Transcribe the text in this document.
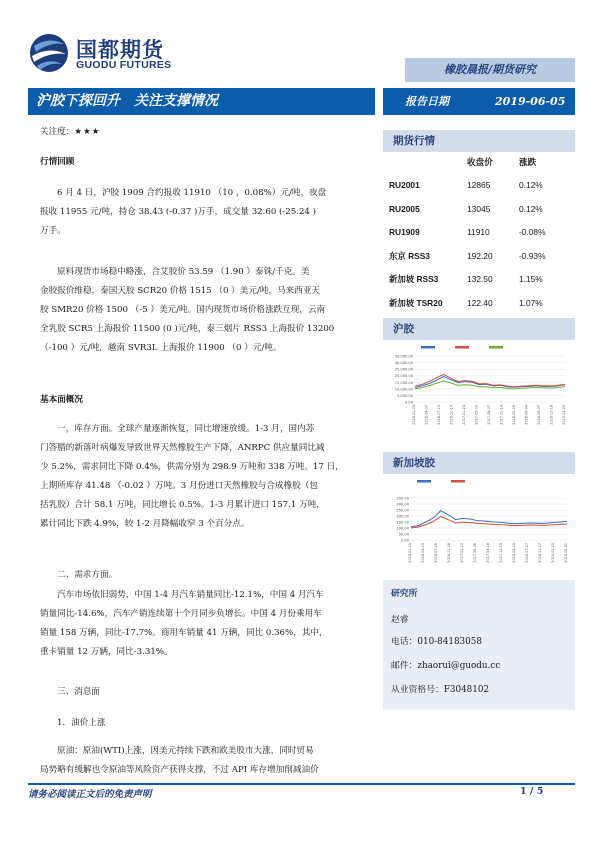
国都期货
GUODU FUTURES	橡胶晨报/期货研究
沪胶下探回升　关注支撑情况	报告日期	2019-06-05
关注度：★★★

行情回顾

6 月 4 日，沪胶 1909 合约报收 11910 （10 ，0.08%）元/吨，夜盘
报收 11955 元/吨，持仓 38.43 (-0.37 )万手，成交量 32.60 (-25.24 )
万手。
原料现货市场稳中略涨，合艾胶价 53.59 （1.90 ）泰铢/千克。美
金胶报价维稳，泰国天胶 SCR20 价格 1515 （0 ）美元/吨，马来西亚天
胶 SMR20 价格 1500 （-5 ）美元/吨。国内现货市场价格涨跌互现，云南
全乳胶 SCR5 上海报价 11500 (0 )元/吨，泰三烟片 RSS3 上海报价 13200
（-100 ）元/吨，越南 SVR3L 上海报价 11900 （0 ）元/吨。

基本面概况

一，库存方面。全球产量逐渐恢复，同比增速放缓。1-3 月，国内苏
门答腊的新落叶病爆发导致世界天然橡胶生产下降，ANRPC 供应量同比减
少 5.2%，需求同比下降 0.4%，供需分别为 298.9 万吨和 338 万吨。17 日，
上期所库存 41.48 （-0.02 ）万吨。3 月份进口天然橡胶与合成橡胶（包
括乳胶）合计 58.1 万吨，同比增长 0.5%。1-3 月累计进口 157.1 万吨，
累计同比下跌 4.9%，较 1-2 月降幅收窄 3 个百分点。
二、需求方面。
汽车市场依旧弱势，中国 1-4 月汽车销量同比-12.1%，中国 4 月汽车
销量同比-14.6%，汽车产销连续第十个月同步负增长。中国 4 月份乘用车
销量 158 万辆，同比-17.7%。商用车销量 41 万辆，同比 0.36%，其中，
重卡销量 12 万辆，同比-3.31%。
三、消息面
1．油价上涨
原油：原油(WTI)上涨，因美元持续下跌和欧美股市大涨，同时贸易
局势略有缓解也令原油等风险资产获得支撑，不过 API 库存增加削减油价
期货行情
	收盘价	涨跌
RU2001	12865	0.12%
RU2005	13045	0.12%
RU1909	11910	-0.08%
东京 RSS3	192.20	-0.93%
新加坡 RSS3	132.50	1.15%
新加坡 TSR20	122.40	1.07%
沪胶
35,000.00
30,000.00
25,000.00
20,000.00
15,000.00
10,000.00
5,000.00
0.00
2016-01-04	2016-04-07	2016-07-13	2016-10-19	2017-01-24	2017-05-03	2017-08-07	2017-11-14	2018-02-26	2018-06-04	2018-09-07	2018-12-18	2019-03-25
新加坡胶
350.00
300.00
250.00
200.00
150.00
100.00
50.00
0.00
2016-01-05	2016-04-15	2016-07-28	2016-11-08	2017-02-20	2017-06-06	2017-09-18	2017-12-29	2018-04-16	2018-07-27	2018-11-07	2019-02-20	2019-05-31
研究所
赵睿
电话：010-84183058
邮件：zhaorui@guodu.cc
从业资格号：F3048102
请务必阅读正文后的免责声明	1 / 5
